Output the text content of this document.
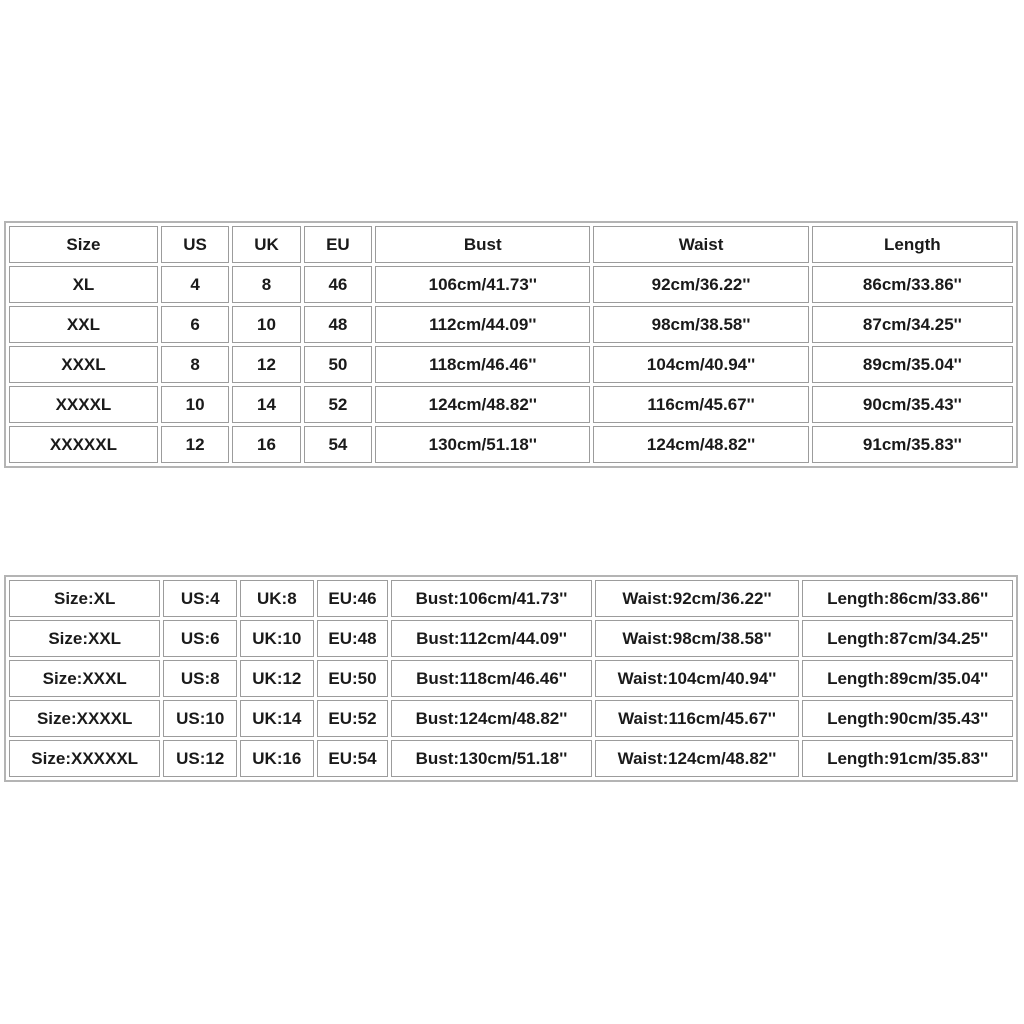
Size	US	UK	EU	Bust	Waist	Length
XL	4	8	46	106cm/41.73''	92cm/36.22''	86cm/33.86''
XXL	6	10	48	112cm/44.09''	98cm/38.58''	87cm/34.25''
XXXL	8	12	50	118cm/46.46''	104cm/40.94''	89cm/35.04''
XXXXL	10	14	52	124cm/48.82''	116cm/45.67''	90cm/35.43''
XXXXXL	12	16	54	130cm/51.18''	124cm/48.82''	91cm/35.83''
Size:XL	US:4	UK:8	EU:46	Bust:106cm/41.73''	Waist:92cm/36.22''	Length:86cm/33.86''
Size:XXL	US:6	UK:10	EU:48	Bust:112cm/44.09''	Waist:98cm/38.58''	Length:87cm/34.25''
Size:XXXL	US:8	UK:12	EU:50	Bust:118cm/46.46''	Waist:104cm/40.94''	Length:89cm/35.04''
Size:XXXXL	US:10	UK:14	EU:52	Bust:124cm/48.82''	Waist:116cm/45.67''	Length:90cm/35.43''
Size:XXXXXL	US:12	UK:16	EU:54	Bust:130cm/51.18''	Waist:124cm/48.82''	Length:91cm/35.83''
